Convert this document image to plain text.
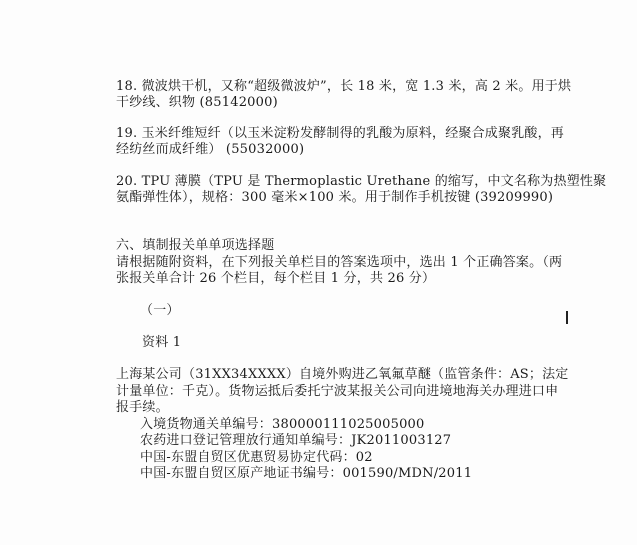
18. 微波烘干机，又称“超级微波炉”，长 18 米，宽 1.3 米，高 2 米。用于烘
干纱线、织物 (85142000)
19. 玉米纤维短纤（以玉米淀粉发酵制得的乳酸为原料，经聚合成聚乳酸，再
经纺丝而成纤维） (55032000)
20. TPU 薄膜（TPU 是 Thermoplastic Urethane 的缩写，中文名称为热塑性聚
氨酯弹性体），规格：300 毫米×100 米。用于制作手机按键 (39209990)
六、填制报关单单项选择题
请根据随附资料，在下列报关单栏目的答案选项中，选出 1 个正确答案。（两
张报关单合计 26 个栏目，每个栏目 1 分，共 26 分）
（一）
资料 1
上海某公司（31XX34XXXX）自境外购进乙氧氟草醚（监管条件：AS；法定
计量单位：千克）。货物运抵后委托宁波某报关公司向进境地海关办理进口申
报手续。
入境货物通关单编号：380000111025005000
农药进口登记管理放行通知单编号：JK2011003127
中国-东盟自贸区优惠贸易协定代码：02
中国-东盟自贸区原产地证书编号：001590/MDN/2011
